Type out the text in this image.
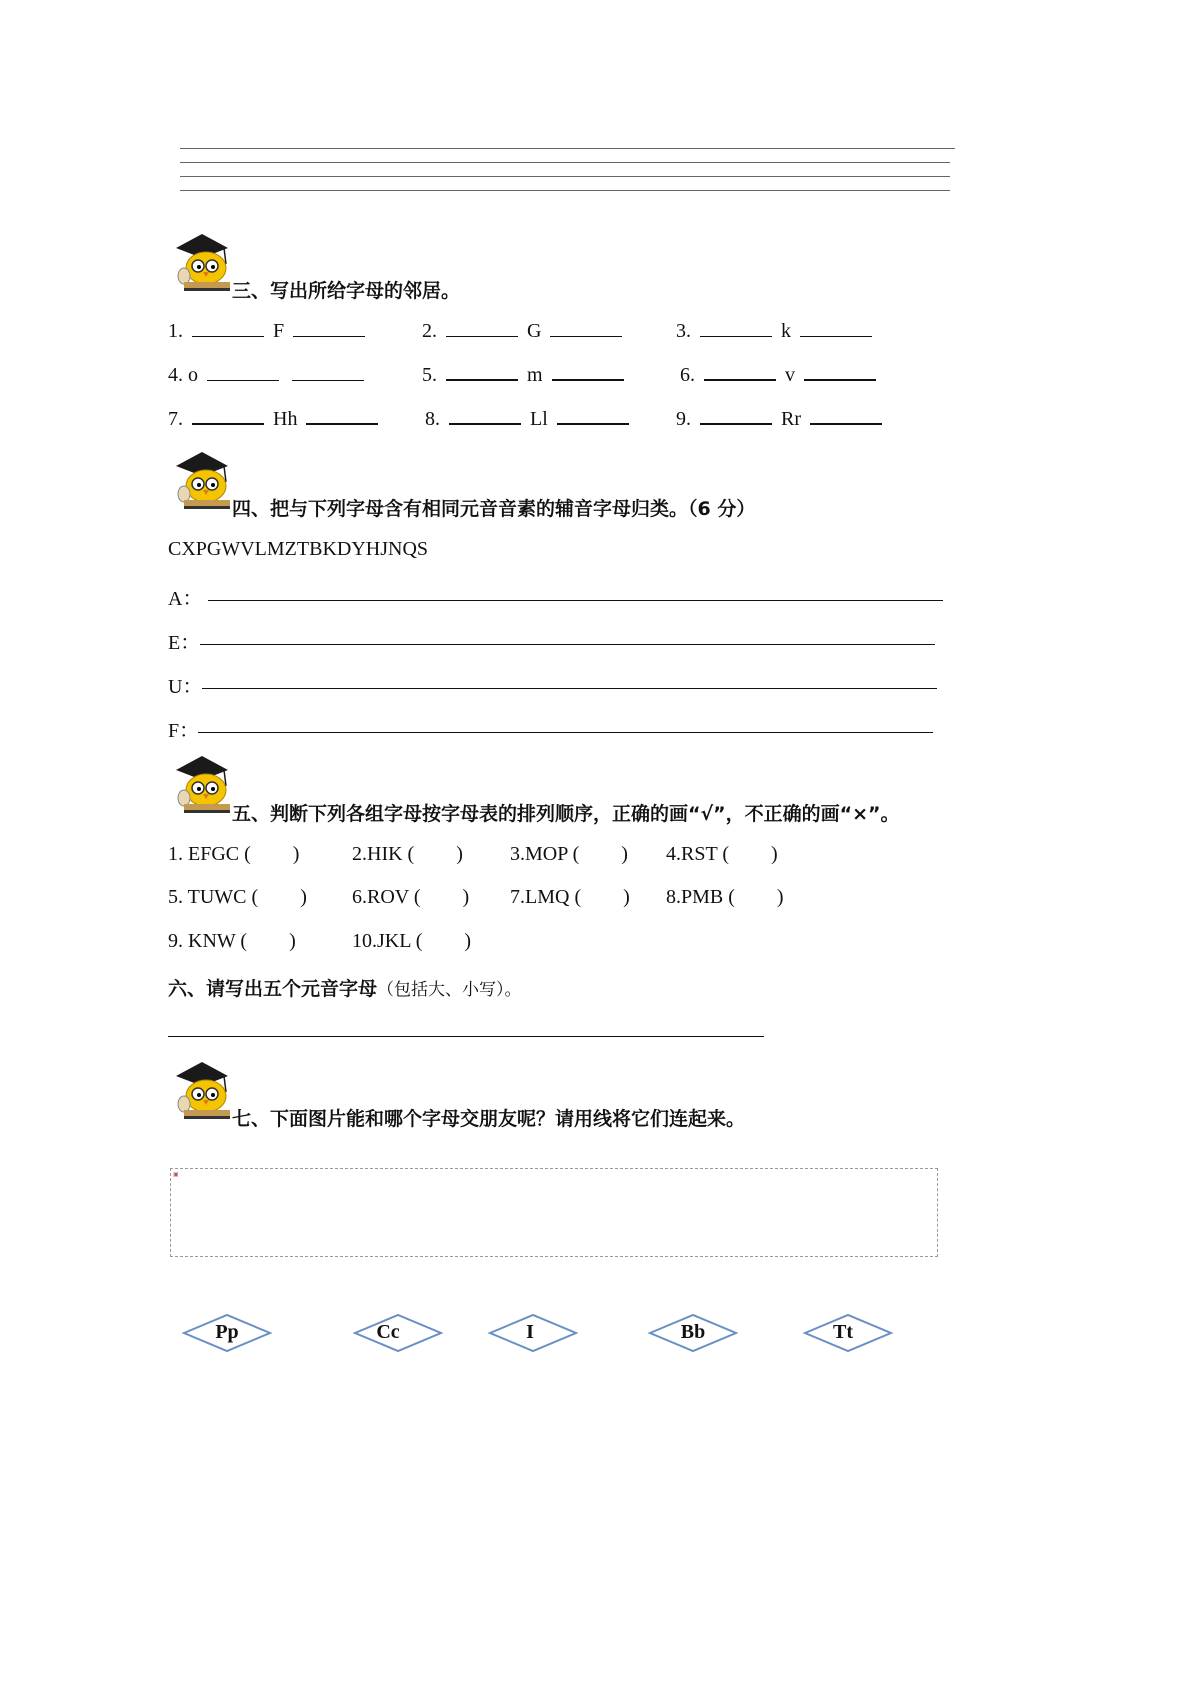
三、写出所给字母的邻居。
1.	F	2.	G	3.	k
4. o	5.	m	6.	v
7.	Hh	8.	Ll	9.	Rr
四、把与下列字母含有相同元音音素的辅音字母归类。（6 分）
CXPGWVLMZTBKDYHJNQS
A：
E：
U：
F：
五、判断下列各组字母按字母表的排列顺序，正确的画“√”，不正确的画“×”。
1. EFGC ( )	2.HIK ( ) 3.MOP ( ) 4.RST ( )
5. TUWC ( ) 6.ROV ( ) 7.LMQ ( ) 8.PMB ( )
9. KNW ( )	10.JKL ( )
六、请写出五个元音字母（包括大、小写）。
七、下面图片能和哪个字母交朋友呢？请用线将它们连起来。
▣
Pp	Cc	I	Bb	Tt
